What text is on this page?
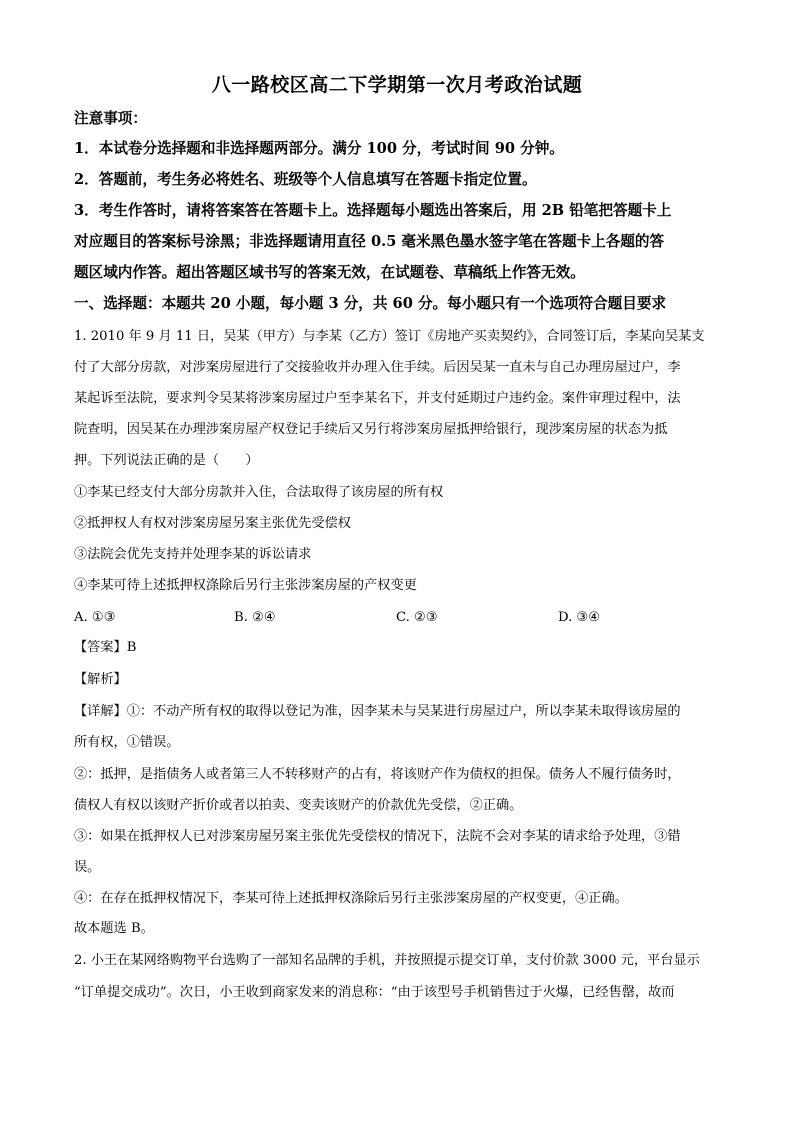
八一路校区高二下学期第一次月考政治试题
注意事项：
1．本试卷分选择题和非选择题两部分。满分 100 分，考试时间 90 分钟。
2．答题前，考生务必将姓名、班级等个人信息填写在答题卡指定位置。
3．考生作答时，请将答案答在答题卡上。选择题每小题选出答案后，用 2B 铅笔把答题卡上
对应题目的答案标号涂黑；非选择题请用直径 0.5 毫米黑色墨水签字笔在答题卡上各题的答
题区域内作答。超出答题区域书写的答案无效，在试题卷、草稿纸上作答无效。
一、选择题：本题共 20 小题，每小题 3 分，共 60 分。每小题只有一个选项符合题目要求
1. 2010 年 9 月 11 日，吴某（甲方）与李某（乙方）签订《房地产买卖契约》，合同签订后，李某向吴某支
付了大部分房款，对涉案房屋进行了交接验收并办理入住手续。后因吴某一直未与自己办理房屋过户，李
某起诉至法院，要求判令吴某将涉案房屋过户至李某名下，并支付延期过户违约金。案件审理过程中，法
院查明，因吴某在办理涉案房屋产权登记手续后又另行将涉案房屋抵押给银行，现涉案房屋的状态为抵
押。下列说法正确的是（　　）
①李某已经支付大部分房款并入住，合法取得了该房屋的所有权
②抵押权人有权对涉案房屋另案主张优先受偿权
③法院会优先支持并处理李某的诉讼请求
④李某可待上述抵押权涤除后另行主张涉案房屋的产权变更
A. ①③	B. ②④	C. ②③	D. ③④
【答案】B
【解析】
【详解】①：不动产所有权的取得以登记为准，因李某未与吴某进行房屋过户，所以李某未取得该房屋的
所有权，①错误。
②：抵押，是指债务人或者第三人不转移财产的占有，将该财产作为债权的担保。债务人不履行债务时，
债权人有权以该财产折价或者以拍卖、变卖该财产的价款优先受偿，②正确。
③：如果在抵押权人已对涉案房屋另案主张优先受偿权的情况下，法院不会对李某的请求给予处理，③错
误。
④：在存在抵押权情况下，李某可待上述抵押权涤除后另行主张涉案房屋的产权变更，④正确。
故本题选 B。
2. 小王在某网络购物平台选购了一部知名品牌的手机，并按照提示提交订单，支付价款 3000 元，平台显示
“订单提交成功”。次日，小王收到商家发来的消息称：“由于该型号手机销售过于火爆，已经售罄，故而
